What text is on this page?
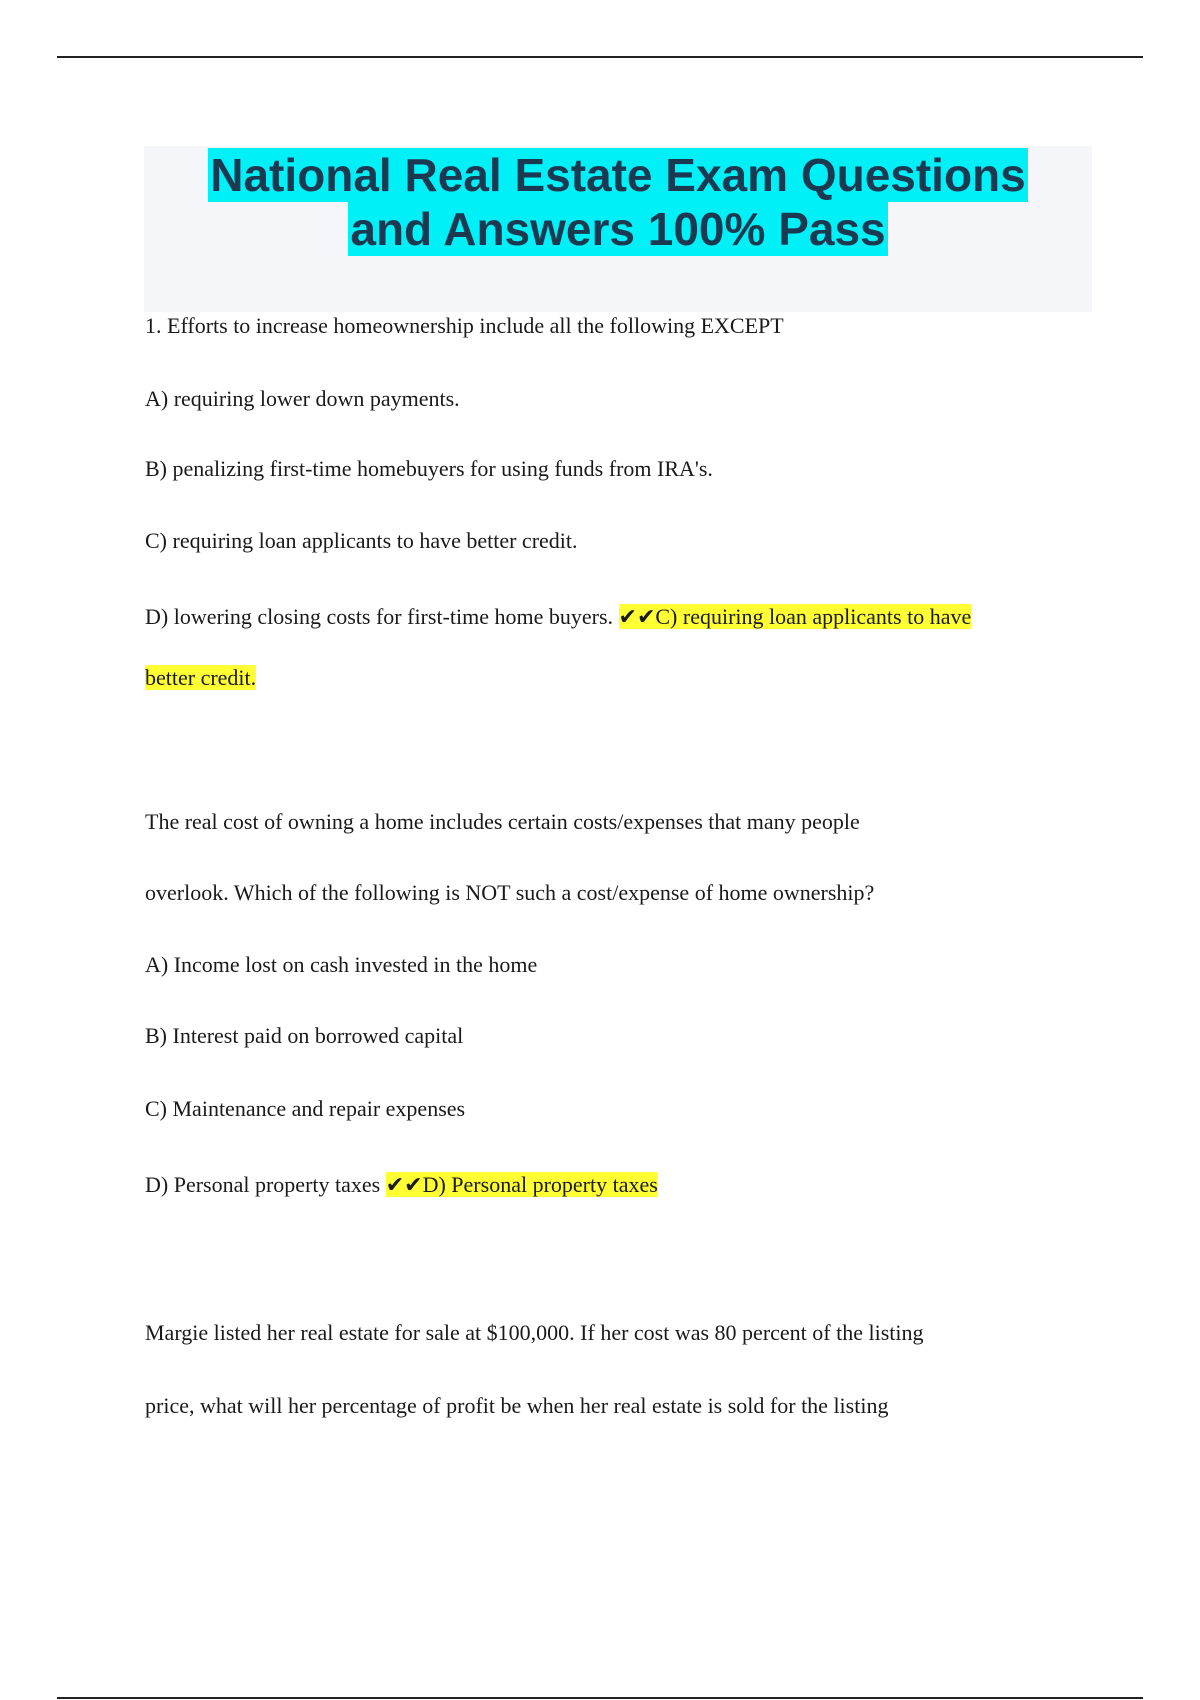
National Real Estate Exam Questions
and Answers 100% Pass
1. Efforts to increase homeownership include all the following EXCEPT
A) requiring lower down payments.
B) penalizing first-time homebuyers for using funds from IRA's.
C) requiring loan applicants to have better credit.
D) lowering closing costs for first-time home buyers. ✔✔C) requiring loan applicants to have
better credit.
The real cost of owning a home includes certain costs/expenses that many people
overlook. Which of the following is NOT such a cost/expense of home ownership?
A) Income lost on cash invested in the home
B) Interest paid on borrowed capital
C) Maintenance and repair expenses
D) Personal property taxes ✔✔D) Personal property taxes
Margie listed her real estate for sale at $100,000. If her cost was 80 percent of the listing
price, what will her percentage of profit be when her real estate is sold for the listing
